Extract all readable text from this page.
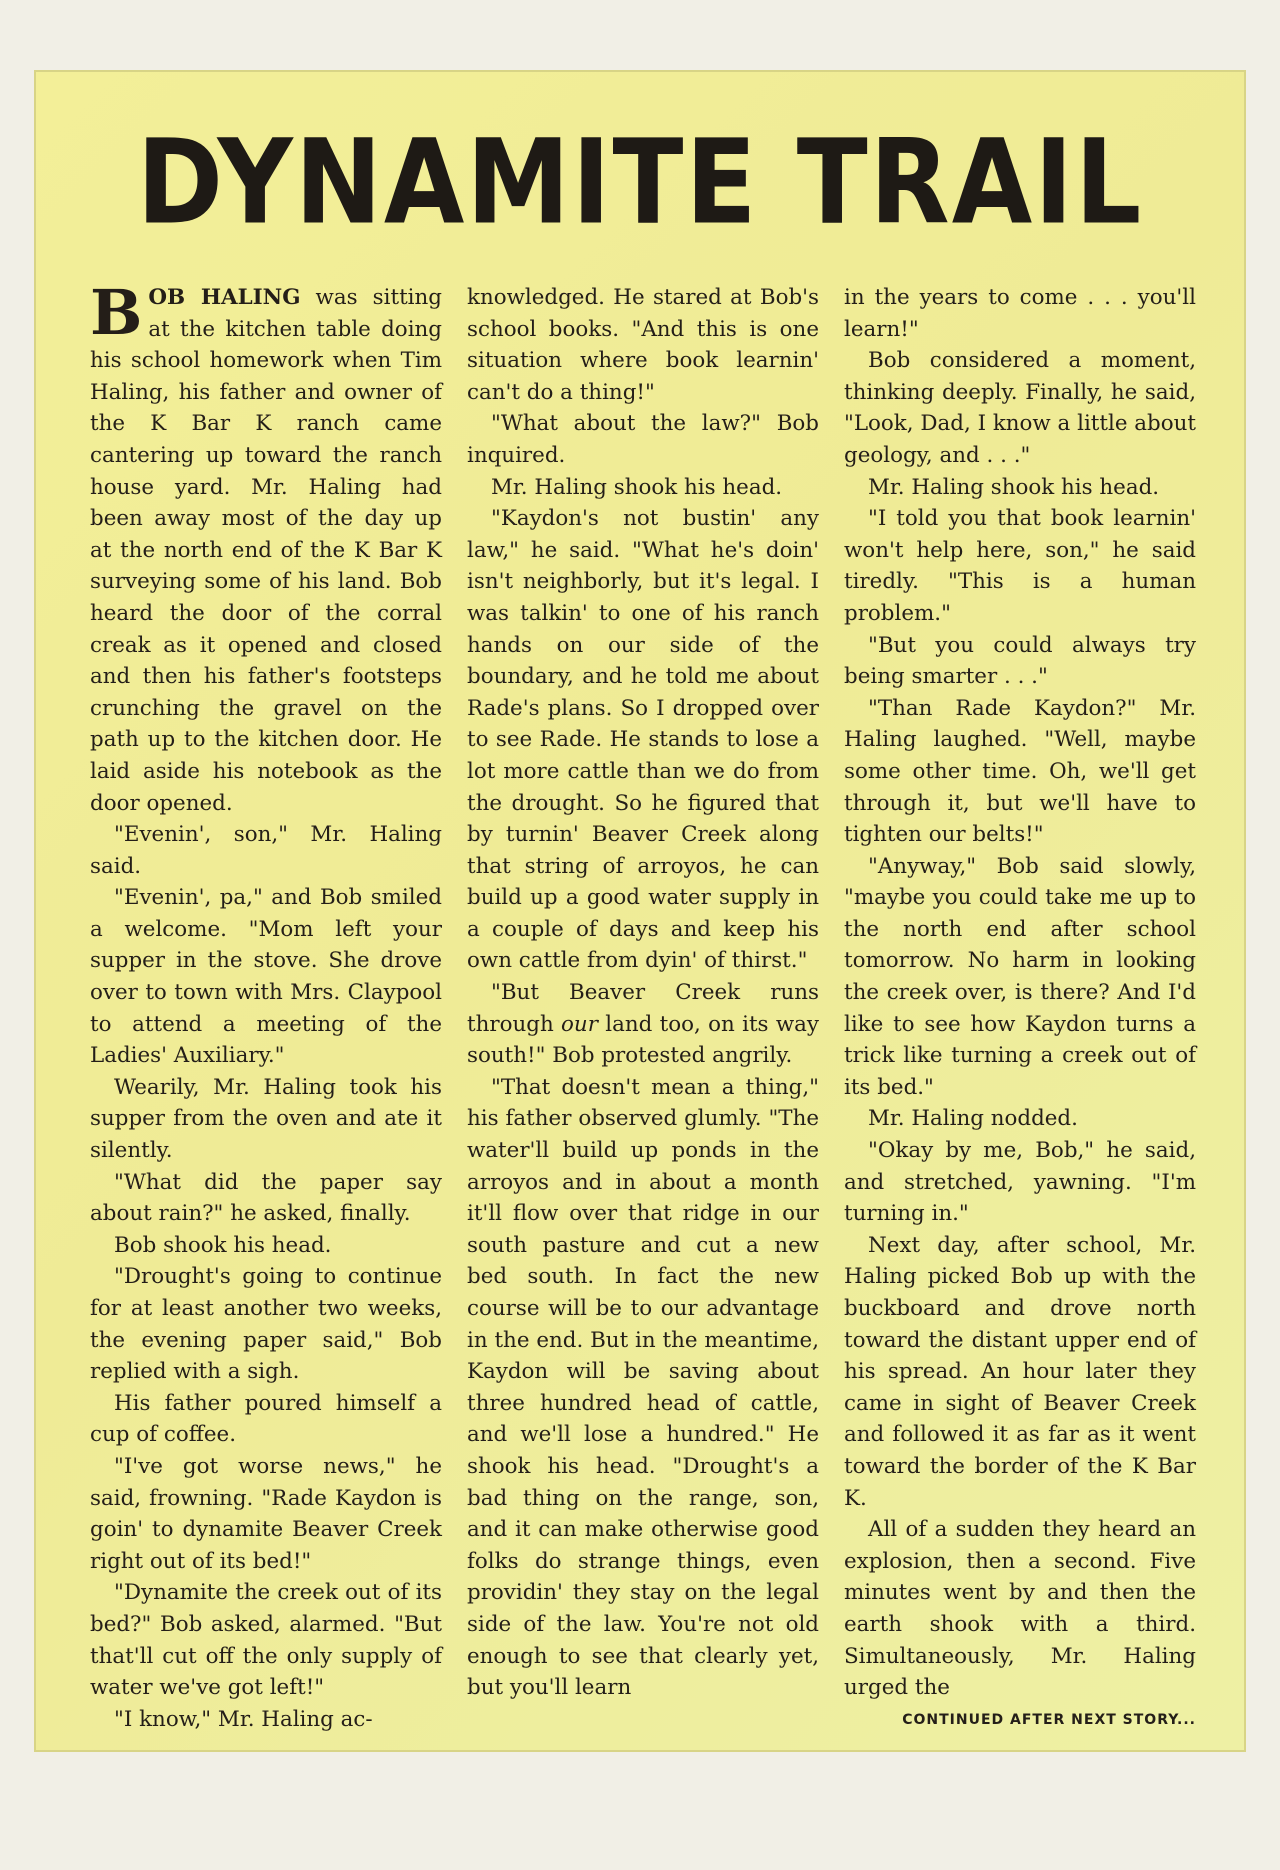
DYNAMITE TRAIL

BOB HALING was sitting at the kitchen table doing his school homework when Tim Haling, his father and owner of the K Bar K ranch came cantering up toward the ranch house yard. Mr. Haling had been away most of the day up at the north end of the K Bar K surveying some of his land. Bob heard the door of the corral creak as it opened and closed and then his father's footsteps crunching the gravel on the path up to the kitchen door. He laid aside his notebook as the door opened.

"Evenin', son," Mr. Haling said.

"Evenin', pa," and Bob smiled a welcome. "Mom left your supper in the stove. She drove over to town with Mrs. Claypool to attend a meeting of the Ladies' Auxiliary."

Wearily, Mr. Haling took his supper from the oven and ate it silently.

"What did the paper say about rain?" he asked, finally.

Bob shook his head.

"Drought's going to continue for at least another two weeks, the evening paper said," Bob replied with a sigh.

His father poured himself a cup of coffee.

"I've got worse news," he said, frowning. "Rade Kaydon is goin' to dynamite Beaver Creek right out of its bed!"

"Dynamite the creek out of its bed?" Bob asked, alarmed. "But that'll cut off the only supply of water we've got left!"

"I know," Mr. Haling ac-

knowledged. He stared at Bob's school books. "And this is one situation where book learnin' can't do a thing!"

"What about the law?" Bob inquired.

Mr. Haling shook his head.

"Kaydon's not bustin' any law," he said. "What he's doin' isn't neighborly, but it's legal. I was talkin' to one of his ranch hands on our side of the boundary, and he told me about Rade's plans. So I dropped over to see Rade. He stands to lose a lot more cattle than we do from the drought. So he figured that by turnin' Beaver Creek along that string of arroyos, he can build up a good water supply in a couple of days and keep his own cattle from dyin' of thirst."

"But Beaver Creek runs through our land too, on its way south!" Bob protested angrily.

"That doesn't mean a thing," his father observed glumly. "The water'll build up ponds in the arroyos and in about a month it'll flow over that ridge in our south pasture and cut a new bed south. In fact the new course will be to our advantage in the end. But in the meantime, Kaydon will be saving about three hundred head of cattle, and we'll lose a hundred." He shook his head. "Drought's a bad thing on the range, son, and it can make otherwise good folks do strange things, even providin' they stay on the legal side of the law. You're not old enough to see that clearly yet, but you'll learn

in the years to come . . . you'll learn!"

Bob considered a moment, thinking deeply. Finally, he said, "Look, Dad, I know a little about geology, and . . ."

Mr. Haling shook his head.

"I told you that book learnin' won't help here, son," he said tiredly. "This is a human problem."

"But you could always try being smarter . . ."

"Than Rade Kaydon?" Mr. Haling laughed. "Well, maybe some other time. Oh, we'll get through it, but we'll have to tighten our belts!"

"Anyway," Bob said slowly, "maybe you could take me up to the north end after school tomorrow. No harm in looking the creek over, is there? And I'd like to see how Kaydon turns a trick like turning a creek out of its bed."

Mr. Haling nodded.

"Okay by me, Bob," he said, and stretched, yawning. "I'm turning in."

Next day, after school, Mr. Haling picked Bob up with the buckboard and drove north toward the distant upper end of his spread. An hour later they came in sight of Beaver Creek and followed it as far as it went toward the border of the K Bar K.

All of a sudden they heard an explosion, then a second. Five minutes went by and then the earth shook with a third. Simultaneously, Mr. Haling urged the

CONTINUED AFTER NEXT STORY...
